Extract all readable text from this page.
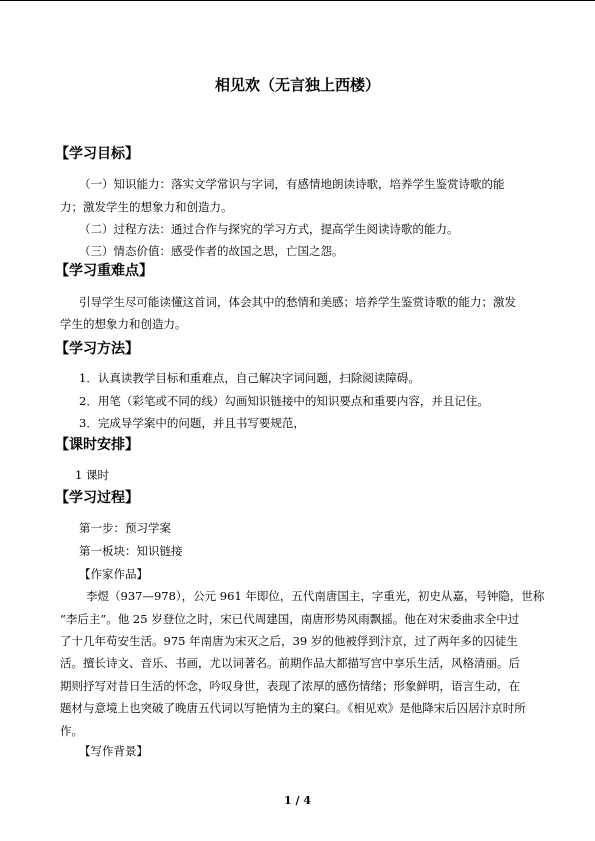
相见欢（无言独上西楼）
【学习目标】
（一）知识能力：落实文学常识与字词，有感情地朗读诗歌，培养学生鉴赏诗歌的能
力；激发学生的想象力和创造力。
（二）过程方法：通过合作与探究的学习方式，提高学生阅读诗歌的能力。
（三）情态价值：感受作者的故国之思，亡国之怨。
【学习重难点】
引导学生尽可能读懂这首词，体会其中的愁情和美感；培养学生鉴赏诗歌的能力；激发
学生的想象力和创造力。
【学习方法】
1．认真读教学目标和重难点，自己解决字词问题，扫除阅读障碍。
2．用笔（彩笔或不同的线）勾画知识链接中的知识要点和重要内容，并且记住。
3．完成导学案中的问题，并且书写要规范，
【课时安排】
1 课时
【学习过程】
第一步：预习学案
第一板块：知识链接
【作家作品】
李煜（937—978），公元 961 年即位，五代南唐国主，字重光，初史从嘉，号钟隐，世称
“李后主”。他 25 岁登位之时，宋已代周建国，南唐形势风雨飘摇。他在对宋委曲求全中过
了十几年苟安生活。975 年南唐为宋灭之后，39 岁的他被俘到汴京，过了两年多的囚徒生
活。擅长诗文、音乐、书画，尤以词著名。前期作品大都描写宫中享乐生活，风格清丽。后
期则抒写对昔日生活的怀念，吟叹身世，表现了浓厚的感伤情绪；形象鲜明，语言生动，在
题材与意境上也突破了晚唐五代词以写艳情为主的窠臼。《相见欢》是他降宋后囚居汴京时所
作。
【写作背景】
1 / 4
